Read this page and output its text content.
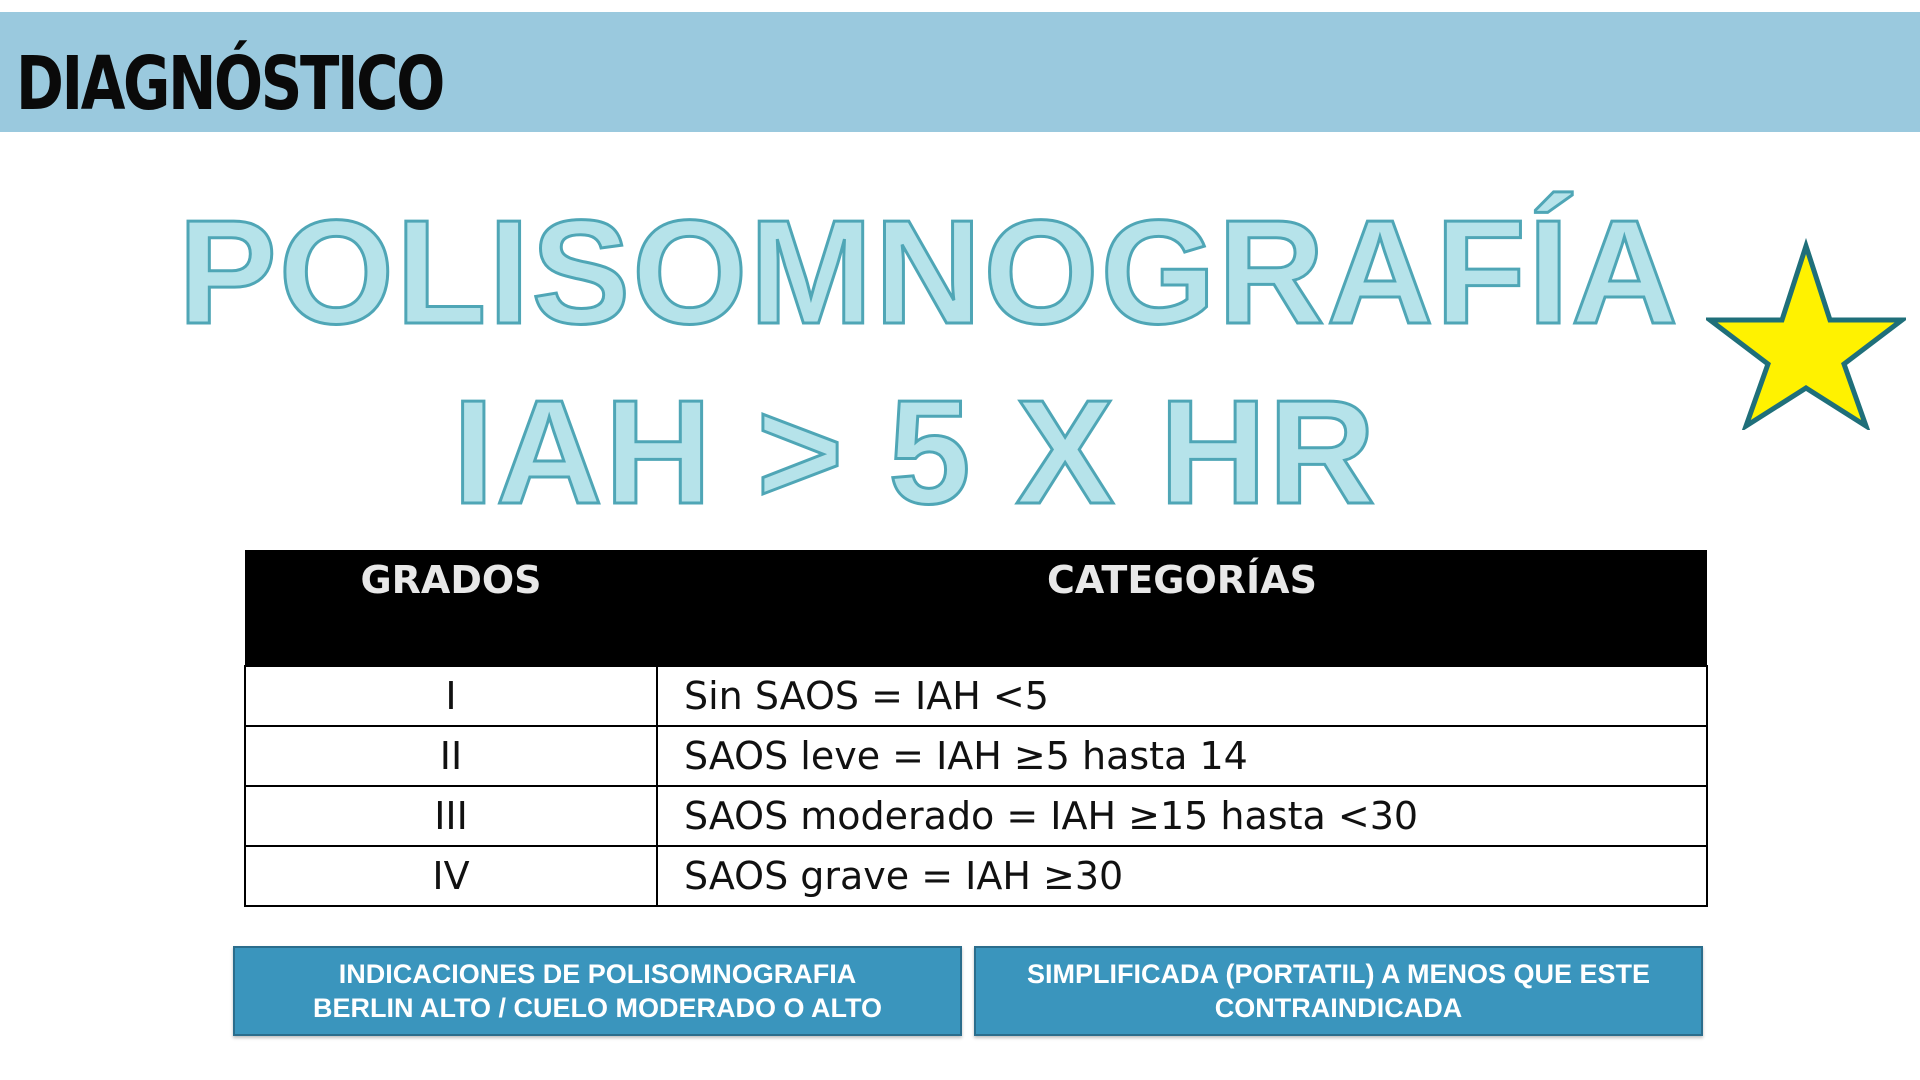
DIAGNÓSTICO
POLISOMNOGRAFÍA
IAH > 5 X HR
GRADOS	CATEGORÍAS
I	Sin SAOS = IAH <5
II	SAOS leve = IAH ≥5 hasta 14
III	SAOS moderado = IAH ≥15 hasta <30
IV	SAOS grave = IAH ≥30
INDICACIONES DE POLISOMNOGRAFIA
BERLIN ALTO / CUELO MODERADO O ALTO
SIMPLIFICADA (PORTATIL) A MENOS QUE ESTE
CONTRAINDICADA
